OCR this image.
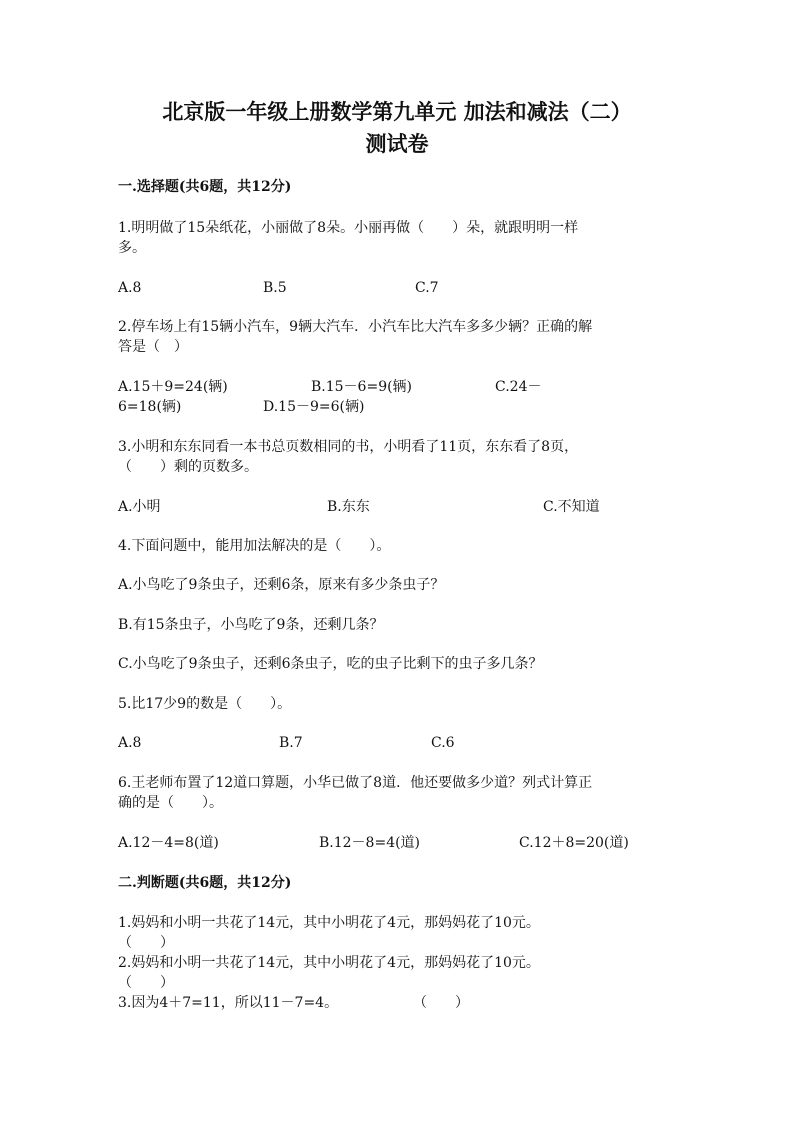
北京版一年级上册数学第九单元 加法和减法（二）
测试卷
一.选择题(共6题，共12分)
1.明明做了15朵纸花，小丽做了8朵。小丽再做（　　）朵，就跟明明一样
多。
A.8	B.5	C.7
2.停车场上有15辆小汽车，9辆大汽车．小汽车比大汽车多多少辆？正确的解
答是（　）
A.15＋9=24(辆)	B.15－6=9(辆)	C.24－
6=18(辆)	D.15－9=6(辆)
3.小明和东东同看一本书总页数相同的书，小明看了11页，东东看了8页，
（　　）剩的页数多。
A.小明	B.东东	C.不知道
4.下面问题中，能用加法解决的是（　　）。
A.小鸟吃了9条虫子，还剩6条，原来有多少条虫子？
B.有15条虫子，小鸟吃了9条，还剩几条？
C.小鸟吃了9条虫子，还剩6条虫子，吃的虫子比剩下的虫子多几条？
5.比17少9的数是（　　）。
A.8	B.7	C.6
6.王老师布置了12道口算题，小华已做了8道．他还要做多少道？列式计算正
确的是（　　）。
A.12－4=8(道)	B.12－8=4(道)	C.12＋8=20(道)
二.判断题(共6题，共12分)
1.妈妈和小明一共花了14元，其中小明花了4元，那妈妈花了10元。
（　　）
2.妈妈和小明一共花了14元，其中小明花了4元，那妈妈花了10元。
（　　）
3.因为4＋7=11，所以11－7=4。	（　　）
